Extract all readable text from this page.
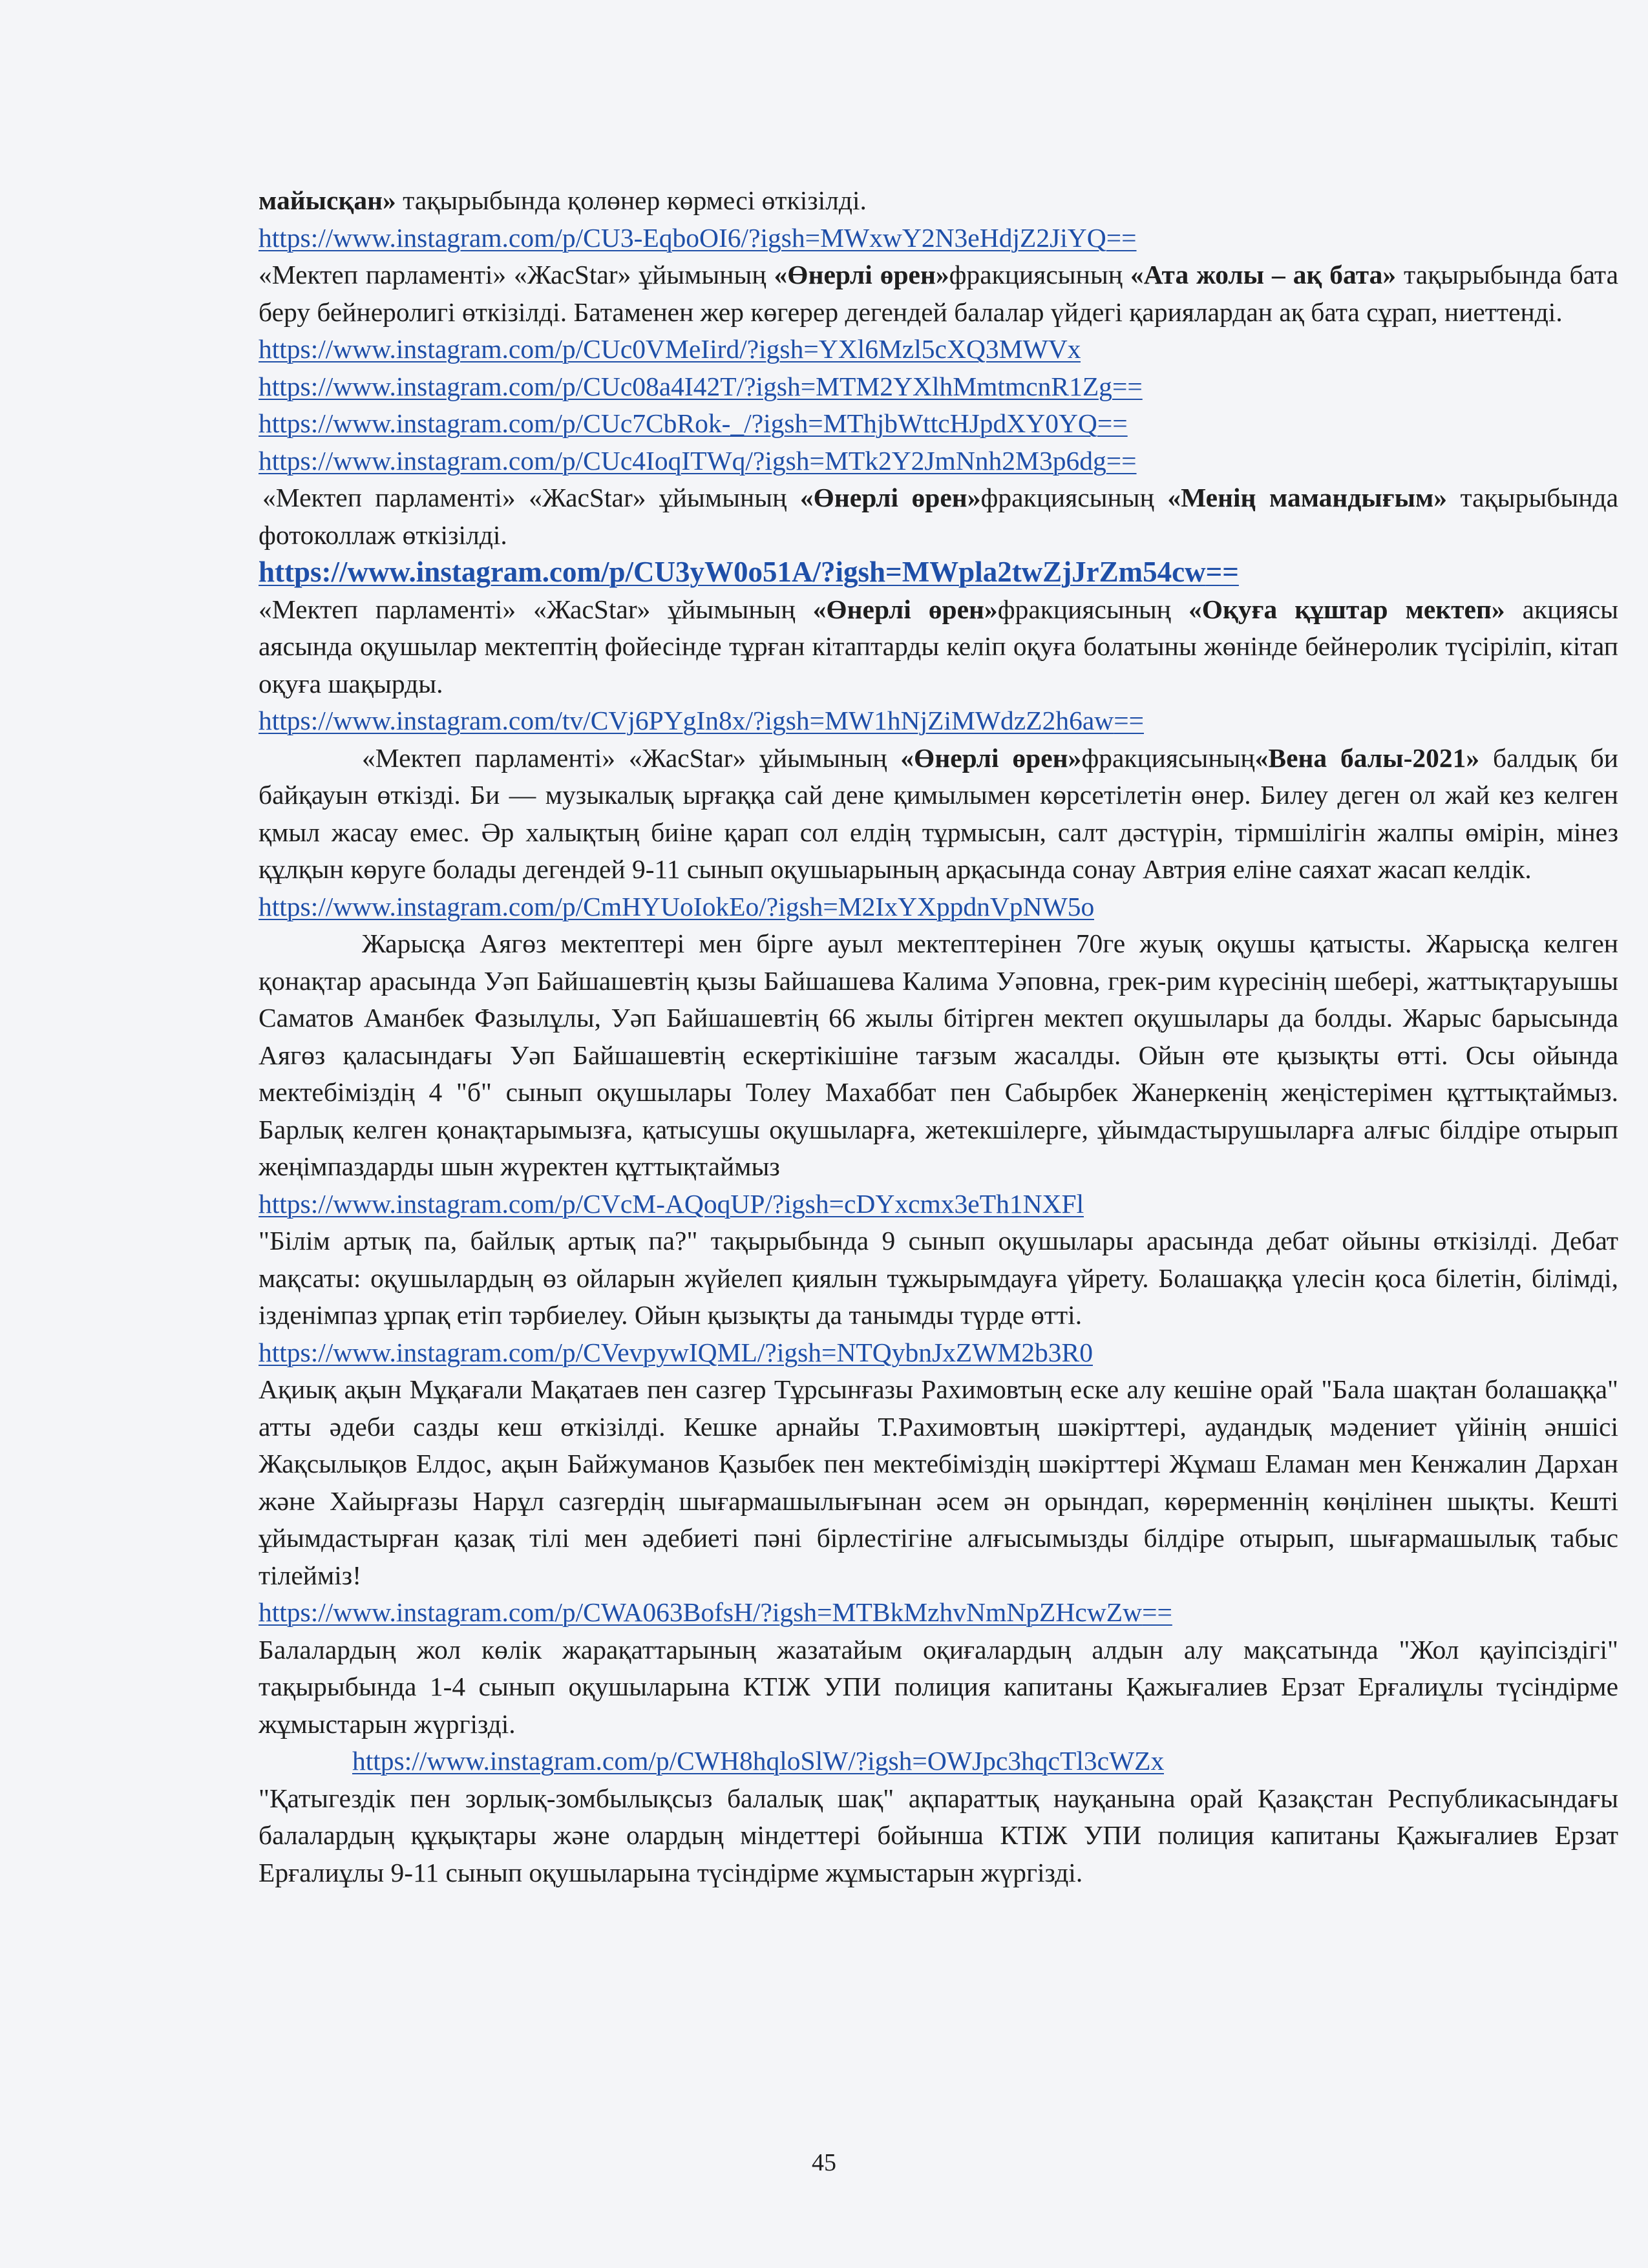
майысқан» тақырыбында қолөнер көрмесі өткізілді.

https://www.instagram.com/p/CU3-EqboOI6/?igsh=MWxwY2N3eHdjZ2JiYQ==

«Мектеп парламенті» «ЖасStar» ұйымының «Өнерлі өрен»фракциясының «Ата жолы – ақ бата» тақырыбында бата беру бейнеролигі өткізілді. Батаменен жер көгерер дегендей балалар үйдегі қариялардан ақ бата сұрап, ниеттенді.

https://www.instagram.com/p/CUc0VMeIird/?igsh=YXl6Mzl5cXQ3MWVx
https://www.instagram.com/p/CUc08a4I42T/?igsh=MTM2YXlhMmtmcnR1Zg==
https://www.instagram.com/p/CUc7CbRok-_/?igsh=MThjbWttcHJpdXY0YQ==
https://www.instagram.com/p/CUc4IoqITWq/?igsh=MTk2Y2JmNnh2M3p6dg==

«Мектеп парламенті» «ЖасStar» ұйымының «Өнерлі өрен»фракциясының «Менің мамандығым» тақырыбында фотоколлаж өткізілді.

https://www.instagram.com/p/CU3yW0o51A/?igsh=MWpla2twZjJrZm54cw==

«Мектеп парламенті» «ЖасStar» ұйымының «Өнерлі өрен»фракциясының «Оқуға құштар мектеп» акциясы аясында оқушылар мектептің фойесінде тұрған кітаптарды келіп оқуға болатыны жөнінде бейнеролик түсіріліп, кітап оқуға шақырды.

https://www.instagram.com/tv/CVj6PYgIn8x/?igsh=MW1hNjZiMWdzZ2h6aw==

«Мектеп парламенті» «ЖасStar» ұйымының «Өнерлі өрен»фракциясының«Вена балы-2021» балдық би байқауын өткізді. Би — музыкалық ырғаққа сай дене қимылымен көрсетілетін өнер. Билеу деген ол жай кез келген қмыл жасау емес. Әр халықтың биіне қарап сол елдің тұрмысын, салт дәстүрін, тірмшілігін жалпы өмірін, мінез құлқын көруге болады дегендей 9-11 сынып оқушыарының арқасында сонау Автрия еліне саяхат жасап келдік.

https://www.instagram.com/p/CmHYUoIokEo/?igsh=M2IxYXppdnVpNW5o

Жарысқа Аягөз мектептері мен бірге ауыл мектептерінен 70ге жуық оқушы қатысты. Жарысқа келген қонақтар арасында Уәп Байшашевтің қызы Байшашева Калима Уәповна, грек-рим күресінің шебері, жаттықтаруышы Саматов Аманбек Фазылұлы, Уәп Байшашевтің 66 жылы бітірген мектеп оқушылары да болды. Жарыс барысында Аягөз қаласындағы Уәп Байшашевтің ескертікішіне тағзым жасалды. Ойын өте қызықты өтті. Осы ойында мектебіміздің 4 "б" сынып оқушылары Толеу Махаббат пен Сабырбек Жанеркенің жеңістерімен құттықтаймыз. Барлық келген қонақтарымызға, қатысушы оқушыларға, жетекшілерге, ұйымдастырушыларға алғыс білдіре отырып жеңімпаздарды шын жүректен құттықтаймыз

https://www.instagram.com/p/CVcM-AQoqUP/?igsh=cDYxcmx3eTh1NXFl

"Білім артық па, байлық артық па?" тақырыбында 9 сынып оқушылары арасында дебат ойыны өткізілді. Дебат мақсаты: оқушылардың өз ойларын жүйелеп қиялын тұжырымдауға үйрету. Болашаққа үлесін қоса білетін, білімді, ізденімпаз ұрпақ етіп тәрбиелеу. Ойын қызықты да танымды түрде өтті.

https://www.instagram.com/p/CVevpywIQML/?igsh=NTQybnJxZWM2b3R0

Ақиық ақын Мұқағали Мақатаев пен сазгер Тұрсынғазы Рахимовтың еске алу кешіне орай "Бала шақтан болашаққа" атты әдеби сазды кеш өткізілді. Кешке арнайы Т.Рахимовтың шәкірттері, аудандық мәдениет үйінің әншісі Жақсылықов Елдос, ақын Байжуманов Қазыбек пен мектебіміздің шәкірттері Жұмаш Еламан мен Кенжалин Дархан және Хайырғазы Нарұл сазгердің шығармашылығынан әсем ән орындап, көрерменнің көңілінен шықты. Кешті ұйымдастырған қазақ тілі мен әдебиеті пәні бірлестігіне алғысымызды білдіре отырып, шығармашылық табыс тілейміз!

https://www.instagram.com/p/CWA063BofsH/?igsh=MTBkMzhvNmNpZHcwZw==

Балалардың жол көлік жарақаттарының жазатайым оқиғалардың алдын алу мақсатында "Жол қауіпсіздігі" тақырыбында 1-4 сынып оқушыларына КТІЖ УПИ полиция капитаны Қажығалиев Ерзат Ерғалиұлы түсіндірме жұмыстарын жүргізді.

https://www.instagram.com/p/CWH8hqloSlW/?igsh=OWJpc3hqcTl3cWZx

"Қатыгездік пен зорлық-зомбылықсыз балалық шақ" ақпараттық науқанына орай Қазақстан Республикасындағы балалардың құқықтары және олардың міндеттері бойынша КТІЖ УПИ полиция капитаны Қажығалиев Ерзат Ерғалиұлы 9-11 сынып оқушыларына түсіндірме жұмыстарын жүргізді.

45
